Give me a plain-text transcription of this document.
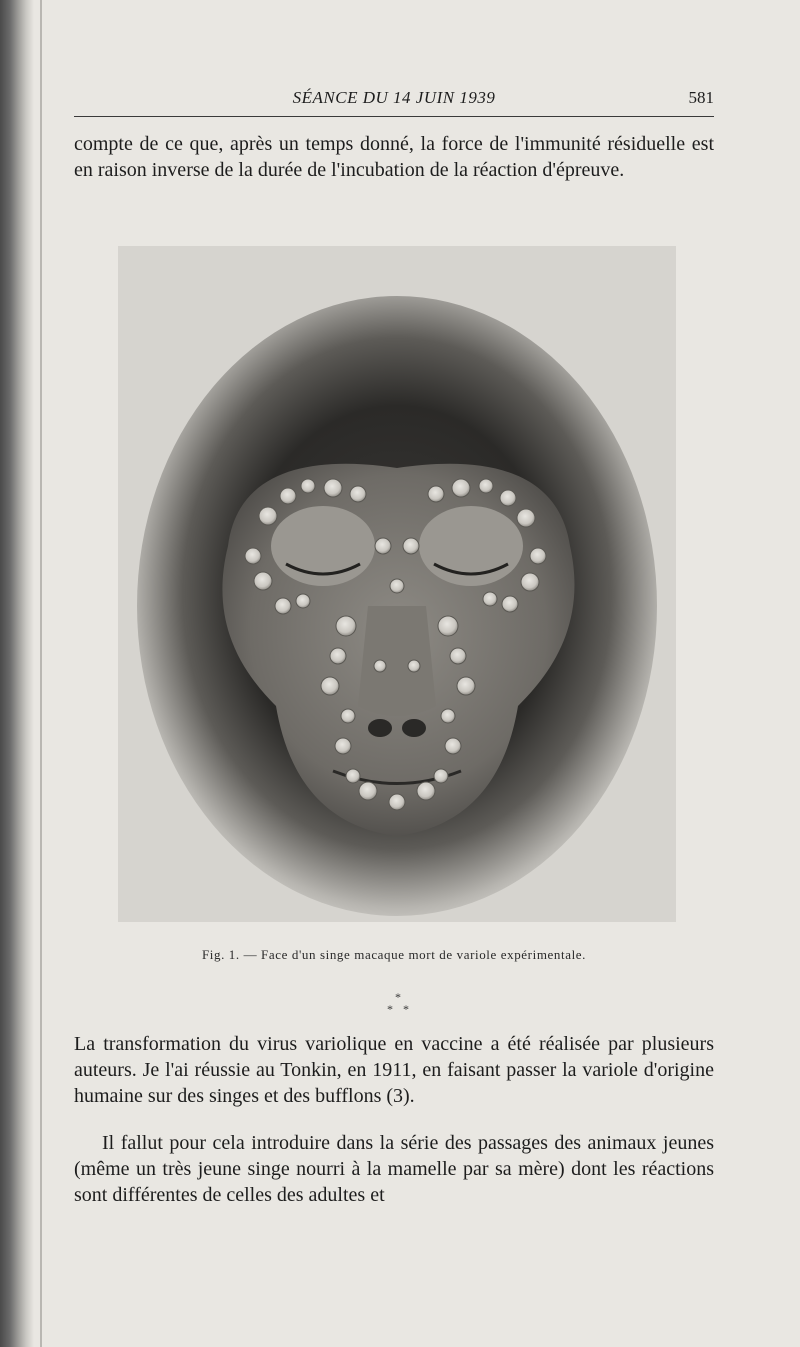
SÉANCE DU 14 JUIN 1939	581

compte de ce que, après un temps donné, la force de l'immunité résiduelle est en raison inverse de la durée de l'incubation de la réaction d'épreuve.

Fig. 1. — Face d'un singe macaque mort de variole expérimentale.
*
* *

La transformation du virus variolique en vaccine a été réalisée par plusieurs auteurs. Je l'ai réussie au Tonkin, en 1911, en faisant passer la variole d'origine humaine sur des singes et des bufflons (3).

Il fallut pour cela introduire dans la série des passages des animaux jeunes (même un très jeune singe nourri à la mamelle par sa mère) dont les réactions sont différentes de celles des adultes et
